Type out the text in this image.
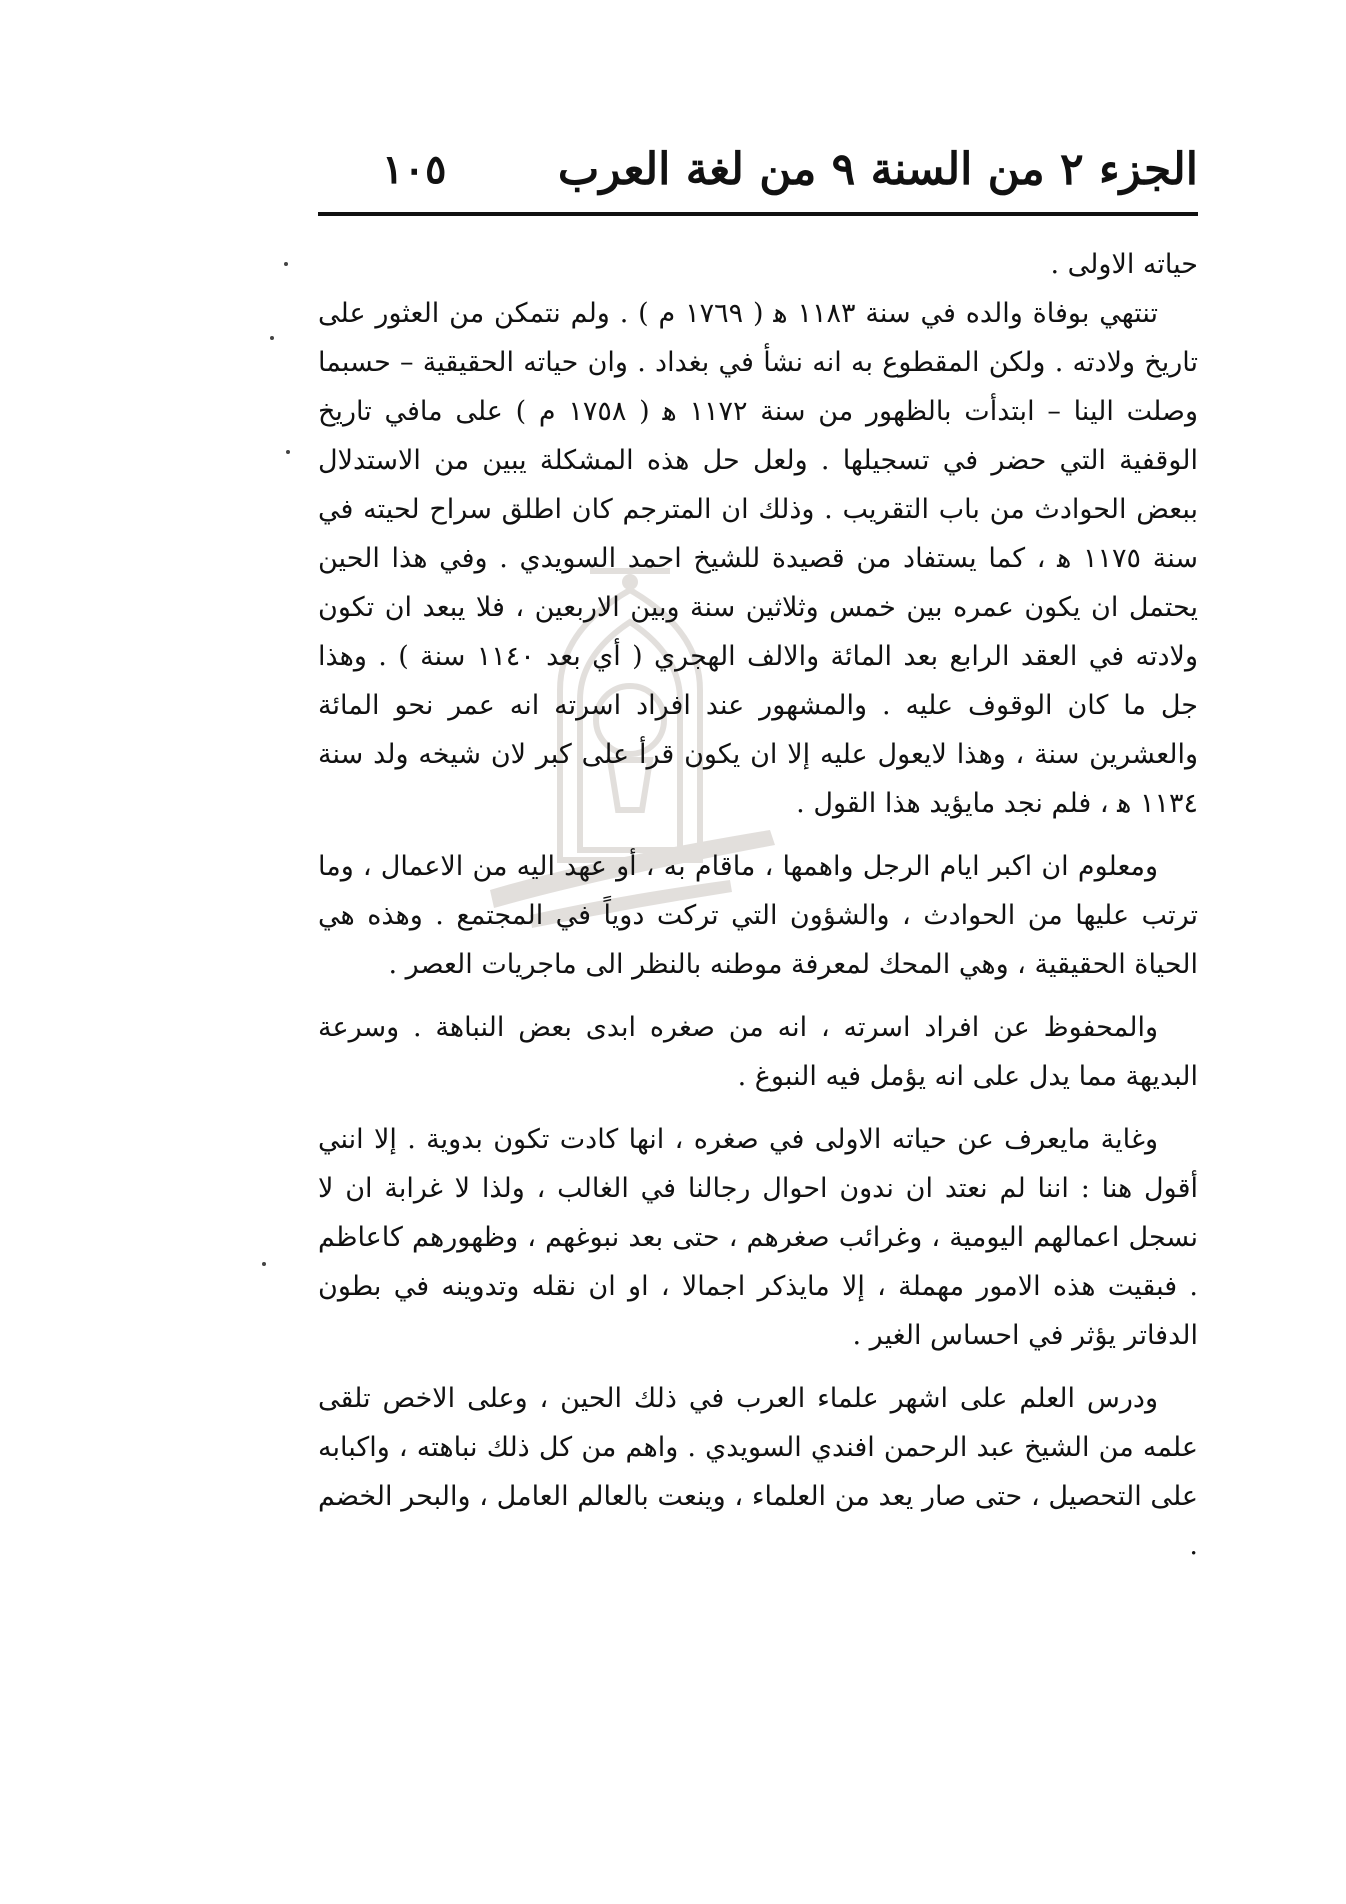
الجزء ٢ من السنة ٩ من لغة العرب
١٠٥

حياته الاولى .

تنتهي بوفاة والده في سنة ١١٨٣ ﻫ ( ١٧٦٩ م ) . ولم نتمكن من العثور على تاريخ ولادته . ولكن المقطوع به انه نشأ في بغداد . وان حياته الحقيقية – حسبما وصلت الينا – ابتدأت بالظهور من سنة ١١٧٢ ﻫ ( ١٧٥٨ م ) على مافي تاريخ الوقفية التي حضر في تسجيلها . ولعل حل هذه المشكلة يبين من الاستدلال ببعض الحوادث من باب التقريب . وذلك ان المترجم كان اطلق سراح لحيته في سنة ١١٧٥ ﻫ ، كما يستفاد من قصيدة للشيخ احمد السويدي . وفي هذا الحين يحتمل ان يكون عمره بين خمس وثلاثين سنة وبين الاربعين ، فلا يبعد ان تكون ولادته في العقد الرابع بعد المائة والالف الهجري ( أي بعد ١١٤٠ سنة ) . وهذا جل ما كان الوقوف عليه . والمشهور عند افراد اسرته انه عمر نحو المائة والعشرين سنة ، وهذا لايعول عليه إلا ان يكون قرأ على كبر لان شيخه ولد سنة ١١٣٤ ﻫ ، فلم نجد مايؤيد هذا القول .

ومعلوم ان اكبر ايام الرجل واهمها ، ماقام به ، أو عهد اليه من الاعمال ، وما ترتب عليها من الحوادث ، والشؤون التي تركت دوياً في المجتمع . وهذه هي الحياة الحقيقية ، وهي المحك لمعرفة موطنه بالنظر الى ماجريات العصر .

والمحفوظ عن افراد اسرته ، انه من صغره ابدى بعض النباهة . وسرعة البديهة مما يدل على انه يؤمل فيه النبوغ .

وغاية مايعرف عن حياته الاولى في صغره ، انها كادت تكون بدوية . إلا انني أقول هنا : اننا لم نعتد ان ندون احوال رجالنا في الغالب ، ولذا لا غرابة ان لا نسجل اعمالهم اليومية ، وغرائب صغرهم ، حتى بعد نبوغهم ، وظهورهم كاعاظم . فبقيت هذه الامور مهملة ، إلا مايذكر اجمالا ، او ان نقله وتدوينه في بطون الدفاتر يؤثر في احساس الغير .

ودرس العلم على اشهر علماء العرب في ذلك الحين ، وعلى الاخص تلقى علمه من الشيخ عبد الرحمن افندي السويدي . واهم من كل ذلك نباهته ، واكبابه على التحصيل ، حتى صار يعد من العلماء ، وينعت بالعالم العامل ، والبحر الخضم .
